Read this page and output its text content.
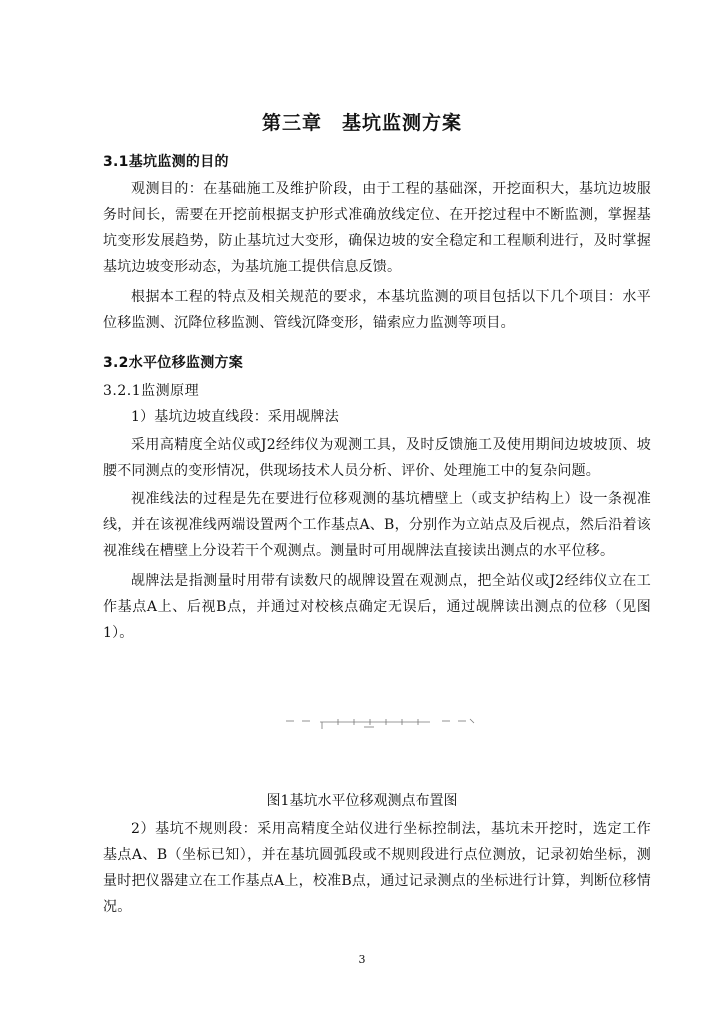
第三章　基坑监测方案
3.1基坑监测的目的
观测目的：在基础施工及维护阶段，由于工程的基础深，开挖面积大，基坑边坡服务时间长，需要在开挖前根据支护形式准确放线定位、在开挖过程中不断监测，掌握基坑变形发展趋势，防止基坑过大变形，确保边坡的安全稳定和工程顺利进行，及时掌握基坑边坡变形动态，为基坑施工提供信息反馈。
根据本工程的特点及相关规范的要求，本基坑监测的项目包括以下几个项目：水平位移监测、沉降位移监测、管线沉降变形，锚索应力监测等项目。
3.2水平位移监测方案
3.2.1监测原理
1）基坑边坡直线段：采用觇牌法
采用高精度全站仪或J2经纬仪为观测工具，及时反馈施工及使用期间边坡坡顶、坡腰不同测点的变形情况，供现场技术人员分析、评价、处理施工中的复杂问题。
视准线法的过程是先在要进行位移观测的基坑槽壁上（或支护结构上）设一条视准线，并在该视准线两端设置两个工作基点A、B，分别作为立站点及后视点，然后沿着该视准线在槽壁上分设若干个观测点。测量时可用觇牌法直接读出测点的水平位移。
觇牌法是指测量时用带有读数尺的觇牌设置在观测点，把全站仪或J2经纬仪立在工作基点A上、后视B点，并通过对校核点确定无误后，通过觇牌读出测点的位移（见图1）。
图1基坑水平位移观测点布置图
2）基坑不规则段：采用高精度全站仪进行坐标控制法，基坑未开挖时，选定工作基点A、B（坐标已知），并在基坑圆弧段或不规则段进行点位测放，记录初始坐标，测量时把仪器建立在工作基点A上，校准B点，通过记录测点的坐标进行计算，判断位移情况。
3
